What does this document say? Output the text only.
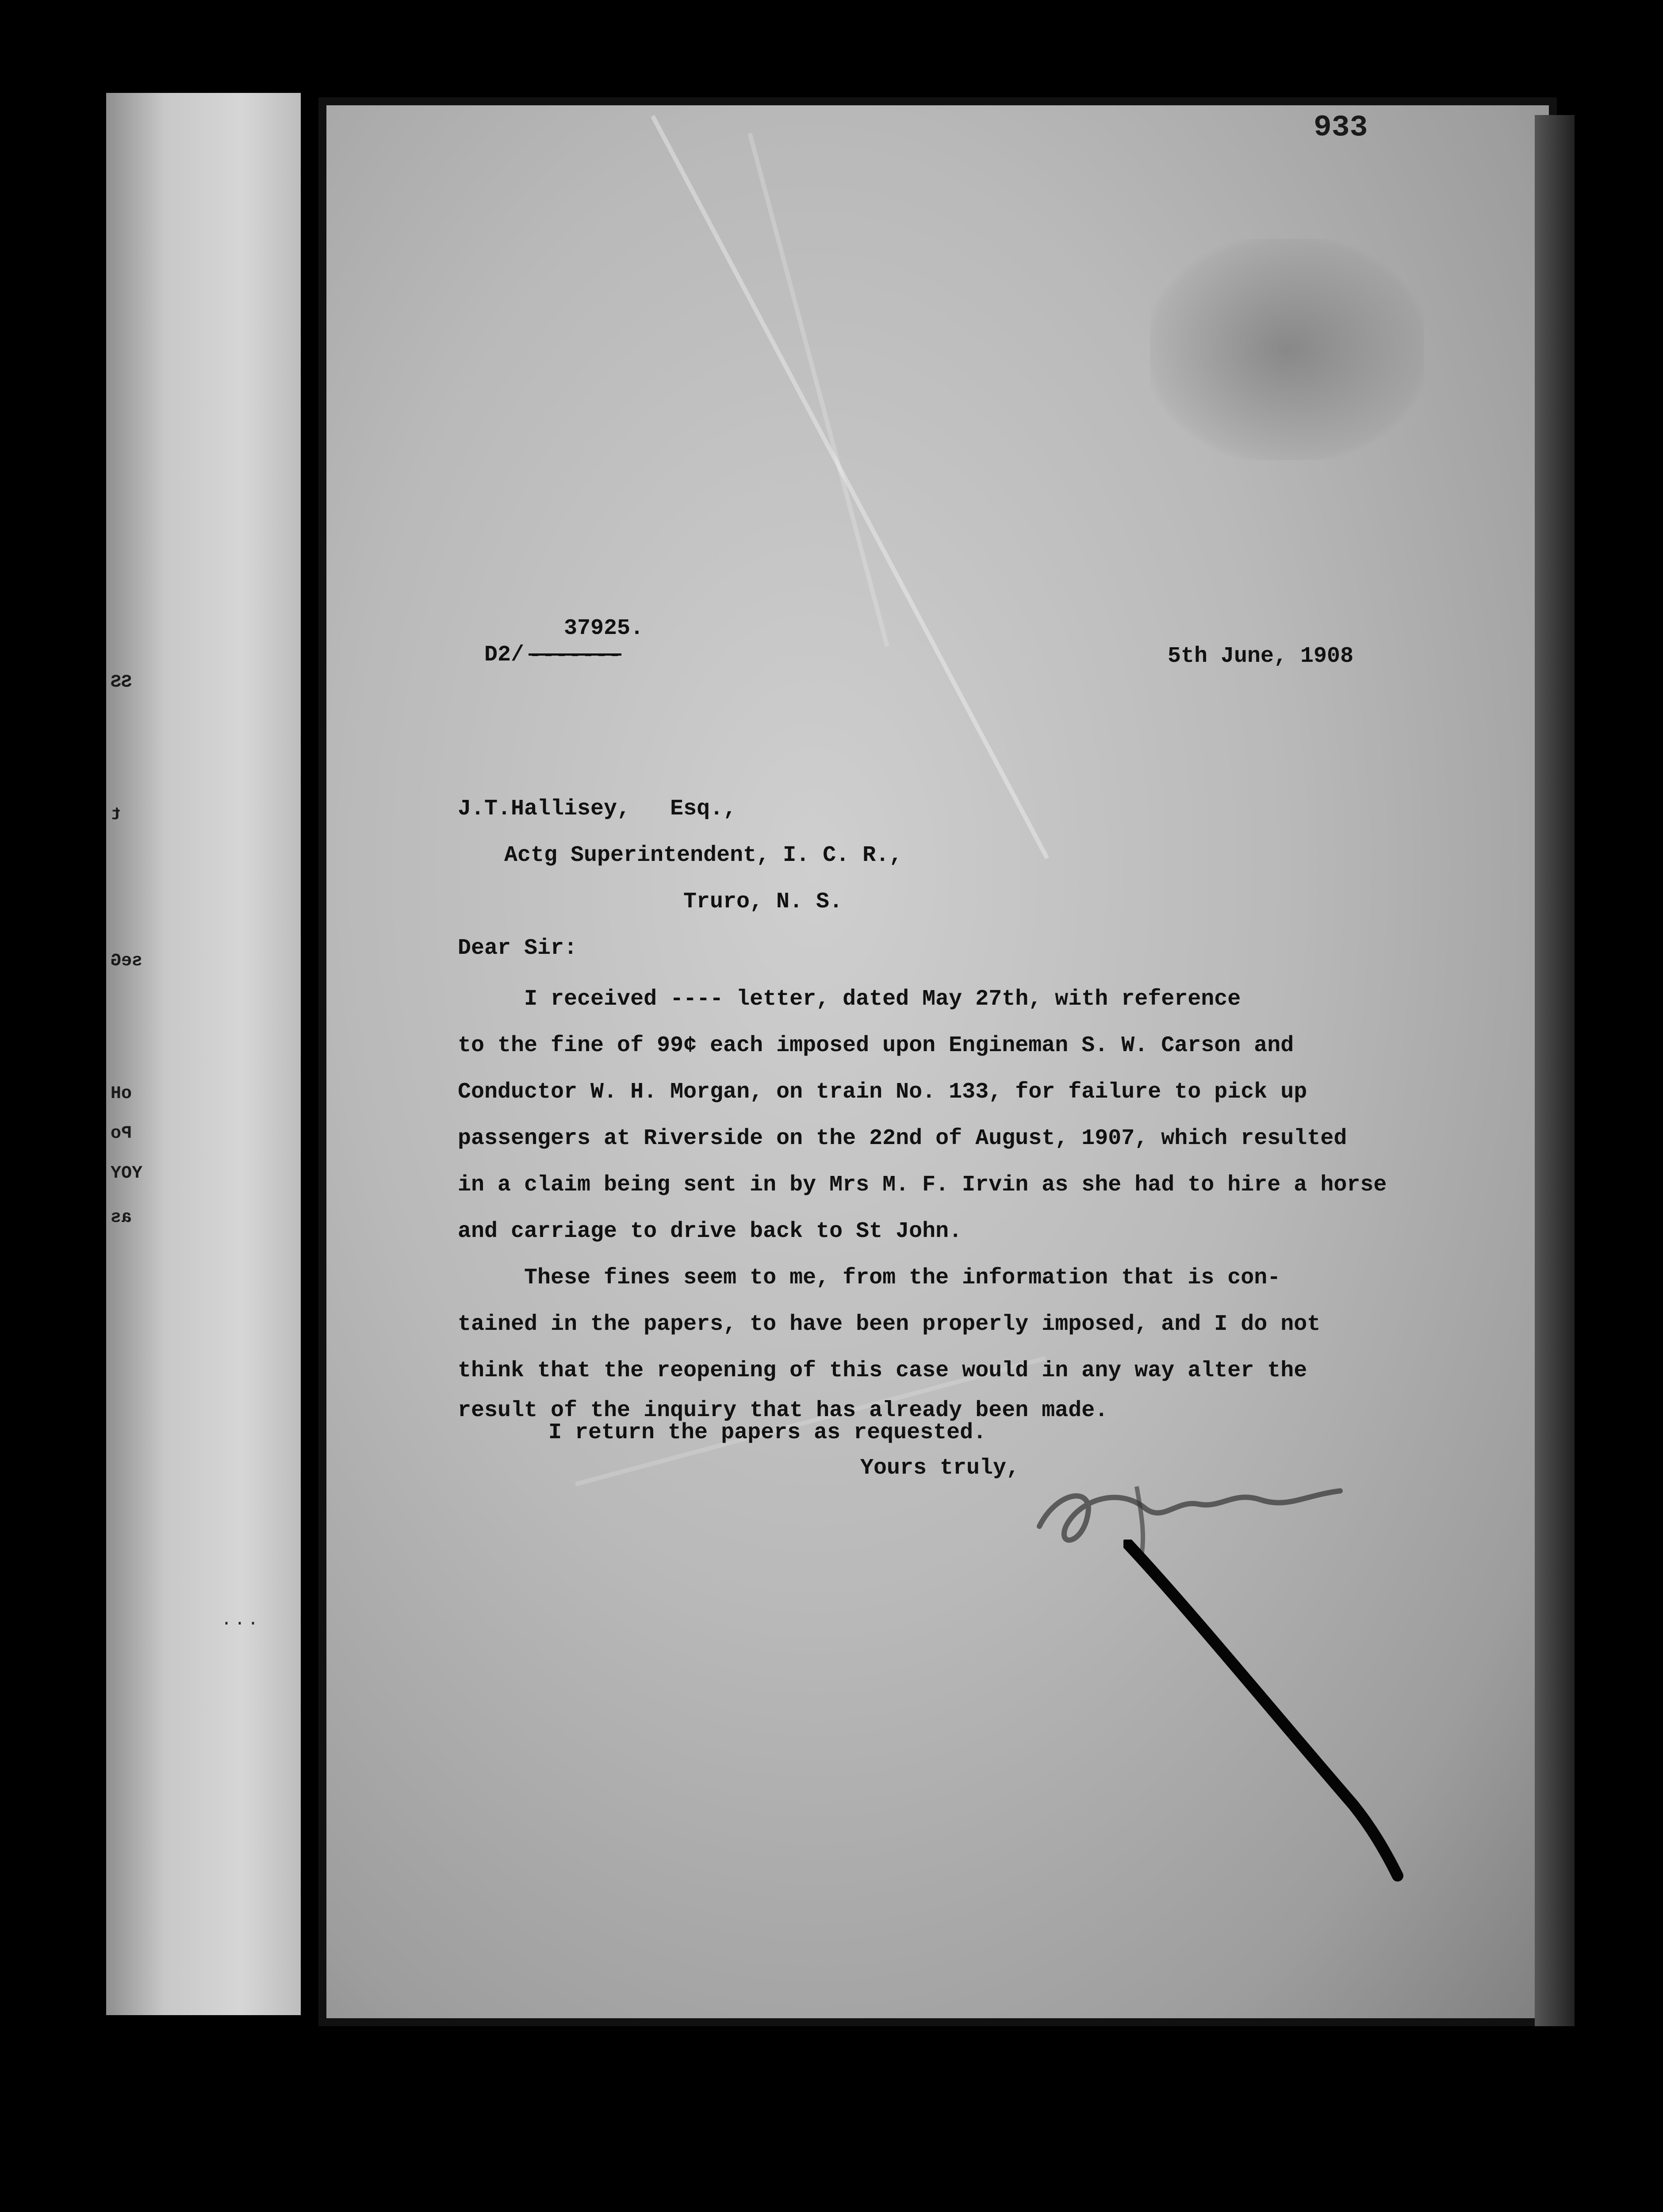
SS
t
seG
oH
Po
YOY
as
...
933
37925.
D2/ -------	5th June, 1908
J.T.Hallisey,   Esq.,
Actg Superintendent, I. C. R.,
Truro, N. S.
Dear Sir:
I received ---- letter, dated May 27th, with reference
to the fine of 99¢ each imposed upon Engineman S. W. Carson and
Conductor W. H. Morgan, on train No. 133, for failure to pick up
passengers at Riverside on the 22nd of August, 1907, which resulted
in a claim being sent in by Mrs M. F. Irvin as she had to hire a horse
and carriage to drive back to St John.
These fines seem to me, from the information that is con-
tained in the papers, to have been properly imposed, and I do not
think that the reopening of this case would in any way alter the
result of the inquiry that has already been made.
I return the papers as requested.
Yours truly,
